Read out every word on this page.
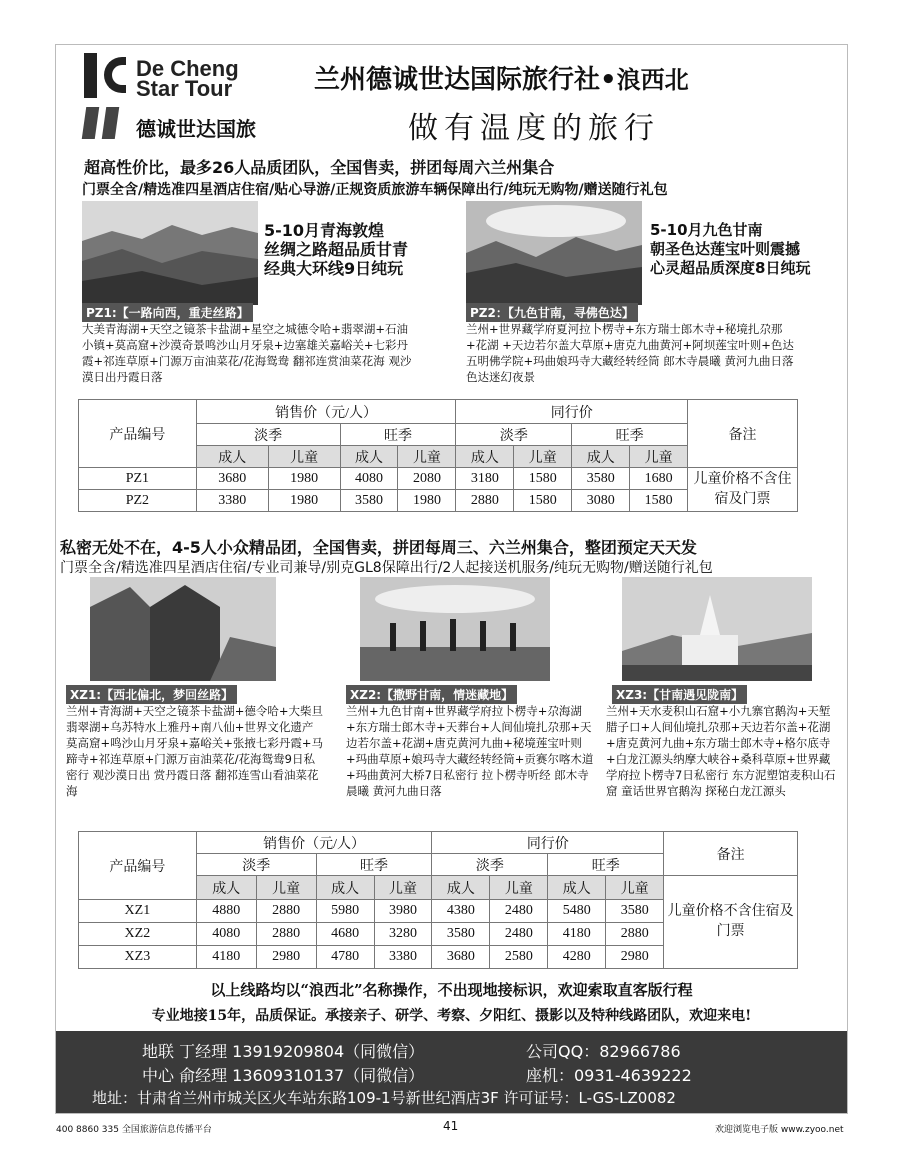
De Cheng
Star Tour
德诚世达国旅
兰州德诚世达国际旅行社•浪西北
做有温度的旅行
超高性价比，最多26人品质团队，全国售卖，拼团每周六兰州集合
门票全含/精选准四星酒店住宿/贴心导游/正规资质旅游车辆保障出行/纯玩无购物/赠送随行礼包
5-10月青海敦煌
丝绸之路超品质甘青
经典大环线9日纯玩
PZ1:【一路向西，重走丝路】
大美青海湖+天空之镜茶卡盐湖+星空之城德令哈+翡翠湖+石油小镇+莫高窟+沙漠奇景鸣沙山月牙泉+边塞雄关嘉峪关+七彩丹霞+祁连草原+门源万亩油菜花/花海鸳鸯 翻祁连赏油菜花海 观沙漠日出丹霞日落
5-10月九色甘南
朝圣色达莲宝叶则震撼
心灵超品质深度8日纯玩
PZ2：【九色甘南，寻佛色达】
兰州+世界藏学府夏河拉卜楞寺+东方瑞士郎木寺+秘境扎尕那+花湖 +天边若尔盖大草原+唐克九曲黄河+阿坝莲宝叶则+色达五明佛学院+玛曲娘玛寺大藏经转经筒 郎木寺晨曦 黄河九曲日落 色达迷幻夜景
产品编号	销售价（元/人）				同行价				备注
	淡季		旺季		淡季		旺季		
	成人	儿童	成人	儿童	成人	儿童	成人	儿童	
PZ1	3680	1980	4080	2080	3180	1580	3580	1680	儿童价格不含住宿及门票
PZ2	3380	1980	3580	1980	2880	1580	3080	1580	
私密无处不在，4-5人小众精品团，全国售卖，拼团每周三、六兰州集合，整团预定天天发
门票全含/精选准四星酒店住宿/专业司兼导/别克GL8保障出行/2人起接送机服务/纯玩无购物/赠送随行礼包
XZ1:【西北偏北，梦回丝路】
兰州+青海湖+天空之镜茶卡盐湖+德令哈+大柴旦翡翠湖+乌苏特水上雅丹+南八仙+世界文化遗产莫高窟+鸣沙山月牙泉+嘉峪关+张掖七彩丹霞+马蹄寺+祁连草原+门源万亩油菜花/花海鸳鸯9日私密行 观沙漠日出 赏丹霞日落 翻祁连雪山看油菜花海
XZ2:【撒野甘南，情迷藏地】
兰州+九色甘南+世界藏学府拉卜楞寺+尕海湖+东方瑞士郎木寺+天葬台+人间仙境扎尕那+天边若尔盖+花湖+唐克黄河九曲+秘境莲宝叶则+玛曲草原+娘玛寺大藏经转经筒+贡赛尔喀木道+玛曲黄河大桥7日私密行 拉卜楞寺听经 郎木寺晨曦 黄河九曲日落
XZ3:【甘南遇见陇南】
兰州+天水麦积山石窟+小九寨官鹅沟+天堑腊子口+人间仙境扎尕那+天边若尔盖+花湖+唐克黄河九曲+东方瑞士郎木寺+格尔底寺+白龙江源头纳摩大峡谷+桑科草原+世界藏学府拉卜楞寺7日私密行 东方泥塑馆麦积山石窟 童话世界官鹅沟 探秘白龙江源头
产品编号	销售价（元/人）				同行价				备注
	淡季		旺季		淡季		旺季		
	成人	儿童	成人	儿童	成人	儿童	成人	儿童	儿童价格不含住宿及门票
XZ1	4880	2880	5980	3980	4380	2480	5480	3580	
XZ2	4080	2880	4680	3280	3580	2480	4180	2880	
XZ3	4180	2980	4780	3380	3680	2580	4280	2980	
以上线路均以“浪西北”名称操作，不出现地接标识，欢迎索取直客版行程
专业地接15年，品质保证。承接亲子、研学、考察、夕阳红、摄影以及特种线路团队，欢迎来电!
地联 丁经理 13919209804（同微信）	公司QQ：82966786
中心 俞经理 13609310137（同微信）	座机：0931-4639222
地址：甘肃省兰州市城关区火车站东路109-1号新世纪酒店3F 许可证号：L-GS-LZ0082
400 8860 335 全国旅游信息传播平台	41	欢迎浏览电子版 www.zyoo.net
